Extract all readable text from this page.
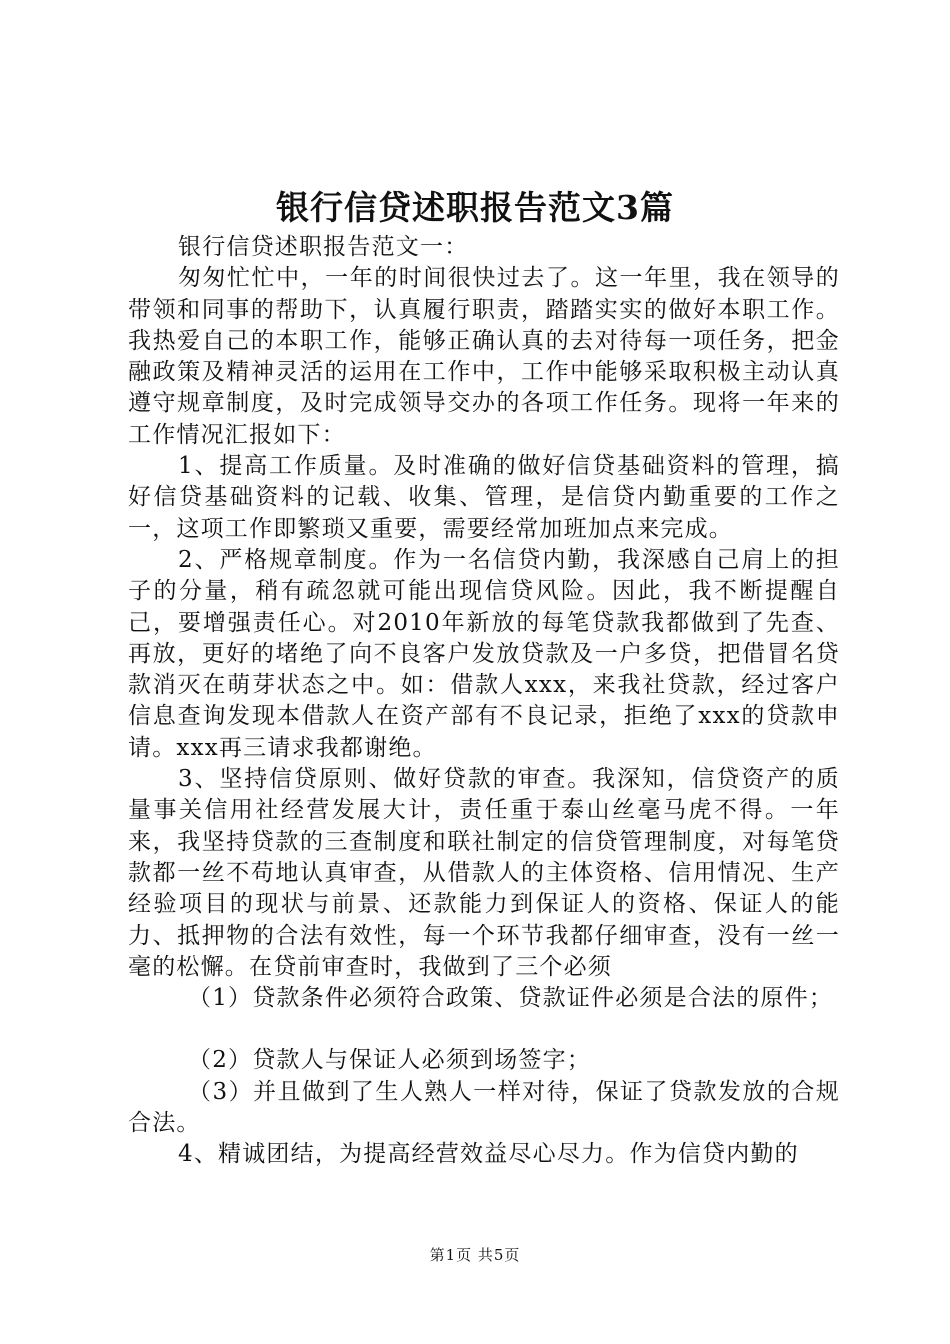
银行信贷述职报告范文3篇

银行信贷述职报告范文一：

匆匆忙忙中，一年的时间很快过去了。这一年里，我在领导的带领和同事的帮助下，认真履行职责，踏踏实实的做好本职工作。我热爱自己的本职工作，能够正确认真的去对待每一项任务，把金融政策及精神灵活的运用在工作中，工作中能够采取积极主动认真遵守规章制度，及时完成领导交办的各项工作任务。现将一年来的工作情况汇报如下：

1、提高工作质量。及时准确的做好信贷基础资料的管理，搞好信贷基础资料的记载、收集、管理，是信贷内勤重要的工作之一，这项工作即繁琐又重要，需要经常加班加点来完成。

2、严格规章制度。作为一名信贷内勤，我深感自己肩上的担子的分量，稍有疏忽就可能出现信贷风险。因此，我不断提醒自己，要增强责任心。对2010年新放的每笔贷款我都做到了先查、再放，更好的堵绝了向不良客户发放贷款及一户多贷，把借冒名贷款消灭在萌芽状态之中。如：借款人xxx，来我社贷款，经过客户信息查询发现本借款人在资产部有不良记录，拒绝了xxx的贷款申请。xxx再三请求我都谢绝。

3、坚持信贷原则、做好贷款的审查。我深知，信贷资产的质量事关信用社经营发展大计，责任重于泰山丝毫马虎不得。一年来，我坚持贷款的三查制度和联社制定的信贷管理制度，对每笔贷款都一丝不苟地认真审查，从借款人的主体资格、信用情况、生产经验项目的现状与前景、还款能力到保证人的资格、保证人的能力、抵押物的合法有效性，每一个环节我都仔细审查，没有一丝一毫的松懈。在贷前审查时，我做到了三个必须

（1）贷款条件必须符合政策、贷款证件必须是合法的原件；

（2）贷款人与保证人必须到场签字；

（3）并且做到了生人熟人一样对待，保证了贷款发放的合规合法。

4、精诚团结，为提高经营效益尽心尽力。作为信贷内勤的

第1页 共5页
